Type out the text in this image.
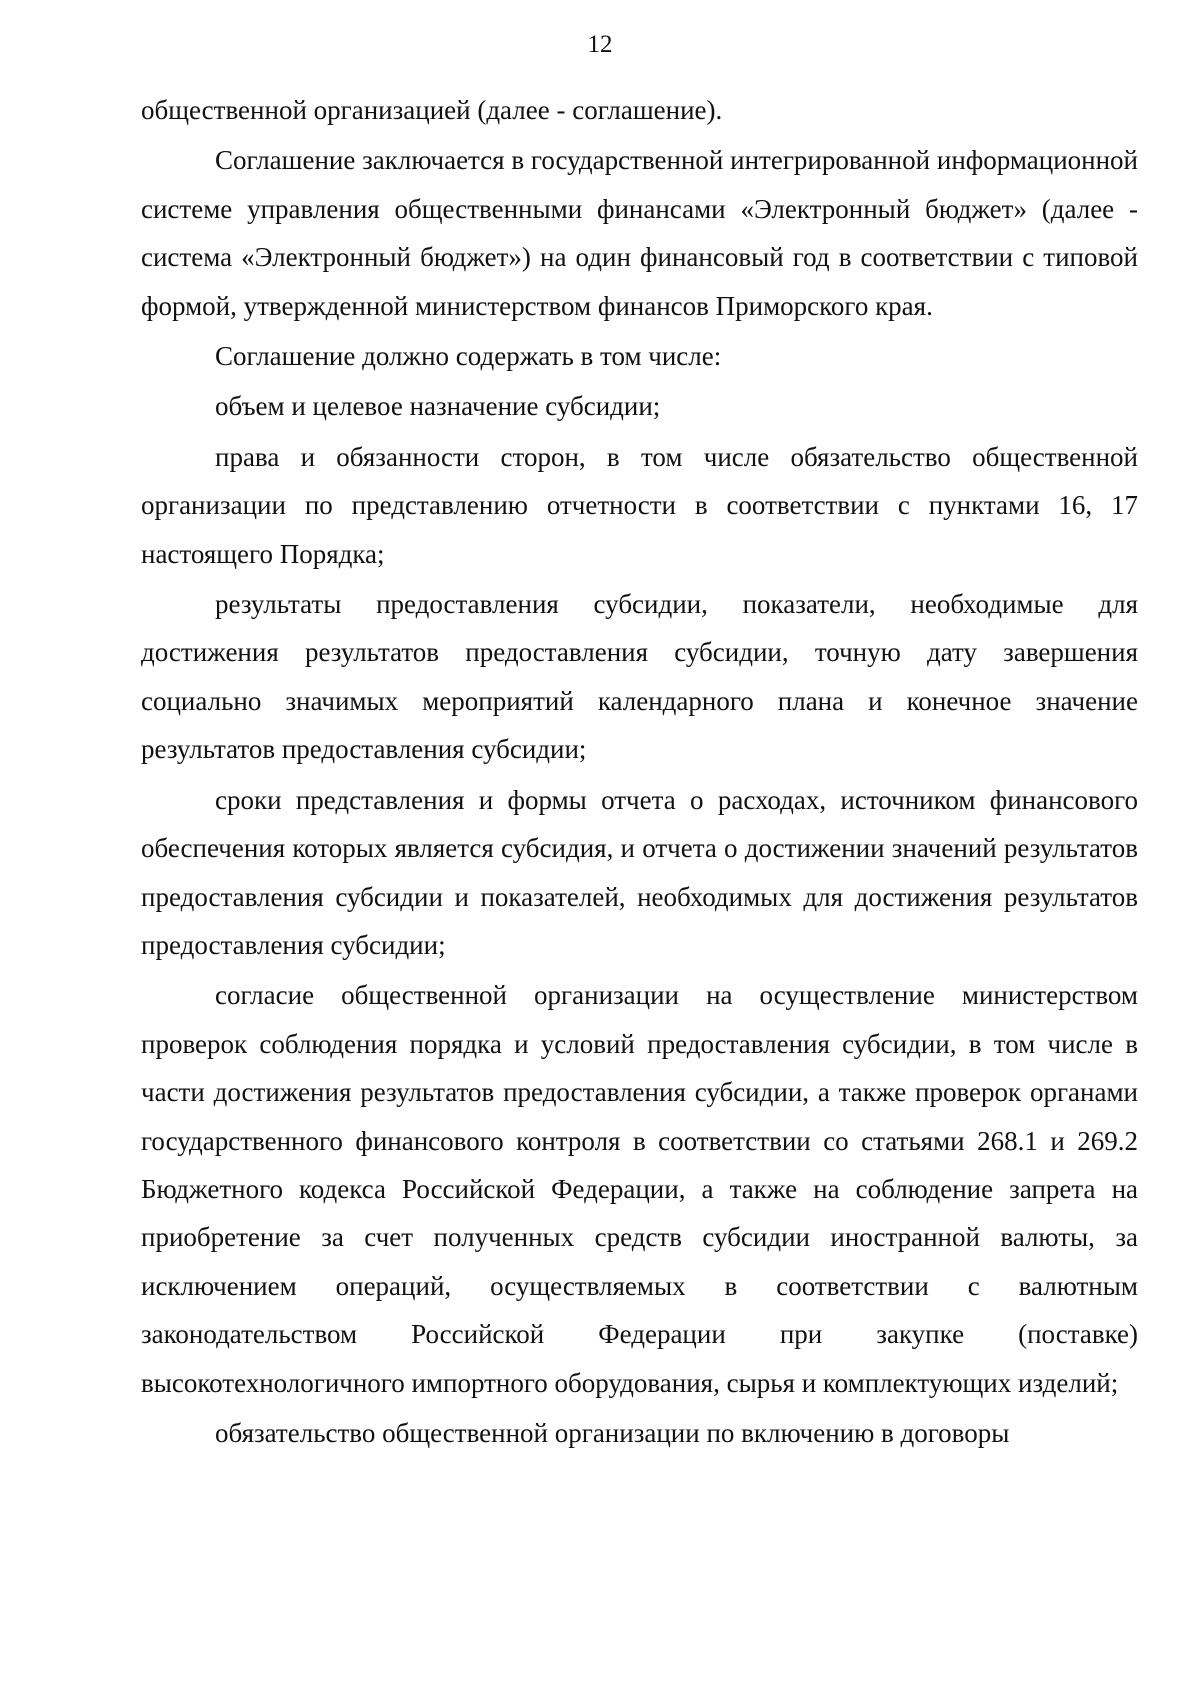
12

общественной организацией (далее - соглашение).

Соглашение заключается в государственной интегрированной информационной системе управления общественными финансами «Электронный бюджет» (далее - система «Электронный бюджет») на один финансовый год в соответствии с типовой формой, утвержденной министерством финансов Приморского края.

Соглашение должно содержать в том числе:

объем и целевое назначение субсидии;

права и обязанности сторон, в том числе обязательство общественной организации по представлению отчетности в соответствии с пунктами 16, 17 настоящего Порядка;

результаты предоставления субсидии, показатели, необходимые для достижения результатов предоставления субсидии, точную дату завершения социально значимых мероприятий календарного плана и конечное значение результатов предоставления субсидии;

сроки представления и формы отчета о расходах, источником финансового обеспечения которых является субсидия, и отчета о достижении значений результатов предоставления субсидии и показателей, необходимых для достижения результатов предоставления субсидии;

согласие общественной организации на осуществление министерством проверок соблюдения порядка и условий предоставления субсидии, в том числе в части достижения результатов предоставления субсидии, а также проверок органами государственного финансового контроля в соответствии со статьями 268.1 и 269.2 Бюджетного кодекса Российской Федерации, а также на соблюдение запрета на приобретение за счет полученных средств субсидии иностранной валюты, за исключением операций, осуществляемых в соответствии с валютным законодательством Российской Федерации при закупке (поставке) высокотехнологичного импортного оборудования, сырья и комплектующих изделий;

обязательство общественной организации по включению в договоры
